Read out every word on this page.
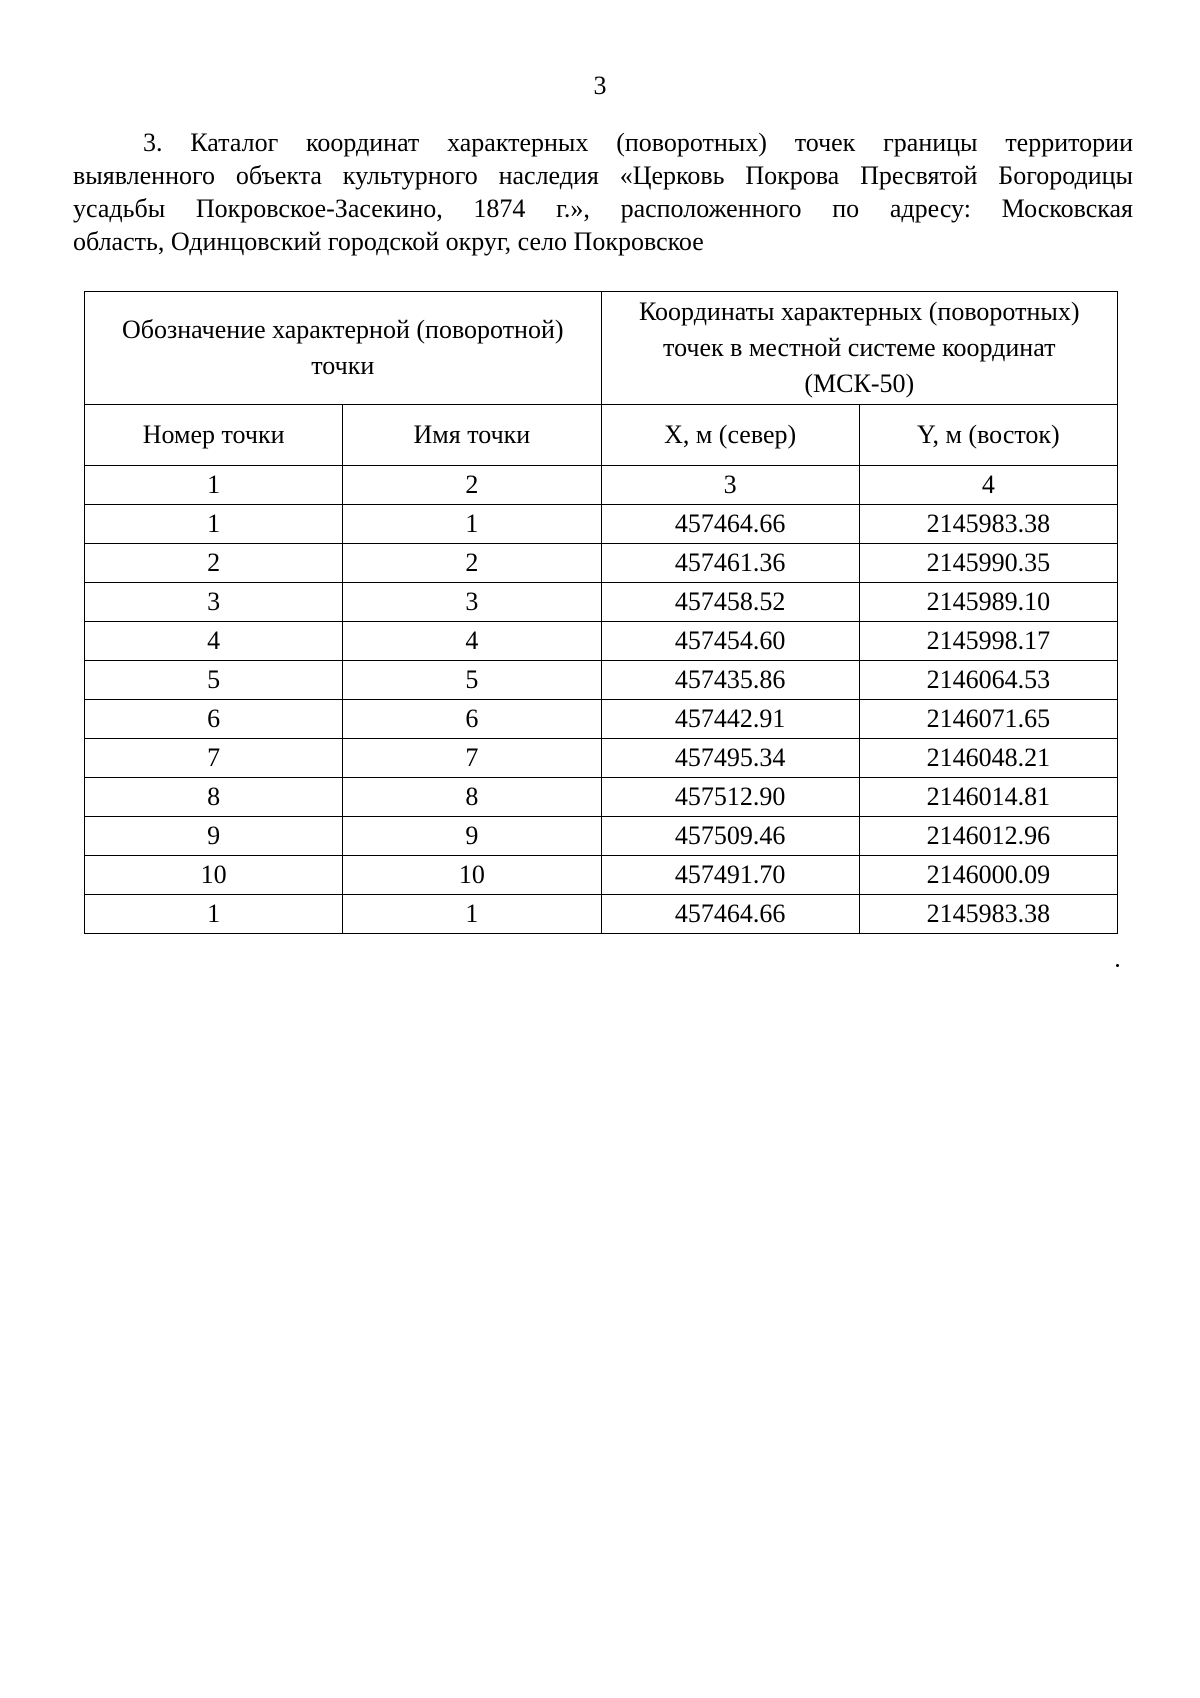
3
3. Каталог координат характерных (поворотных) точек границы территории
выявленного объекта культурного наследия «Церковь Покрова Пресвятой Богородицы
усадьбы Покровское-Засекино, 1874 г.», расположенного по адресу: Московская
область, Одинцовский городской округ, село Покровское
Обозначение характерной (поворотной) точки		Координаты характерных (поворотных) точек в местной системе координат (МСК-50)	
Номер точки	Имя точки	X, м (север)	Y, м (восток)
1	2	3	4
1	1	457464.66	2145983.38
2	2	457461.36	2145990.35
3	3	457458.52	2145989.10
4	4	457454.60	2145998.17
5	5	457435.86	2146064.53
6	6	457442.91	2146071.65
7	7	457495.34	2146048.21
8	8	457512.90	2146014.81
9	9	457509.46	2146012.96
10	10	457491.70	2146000.09
1	1	457464.66	2145983.38
